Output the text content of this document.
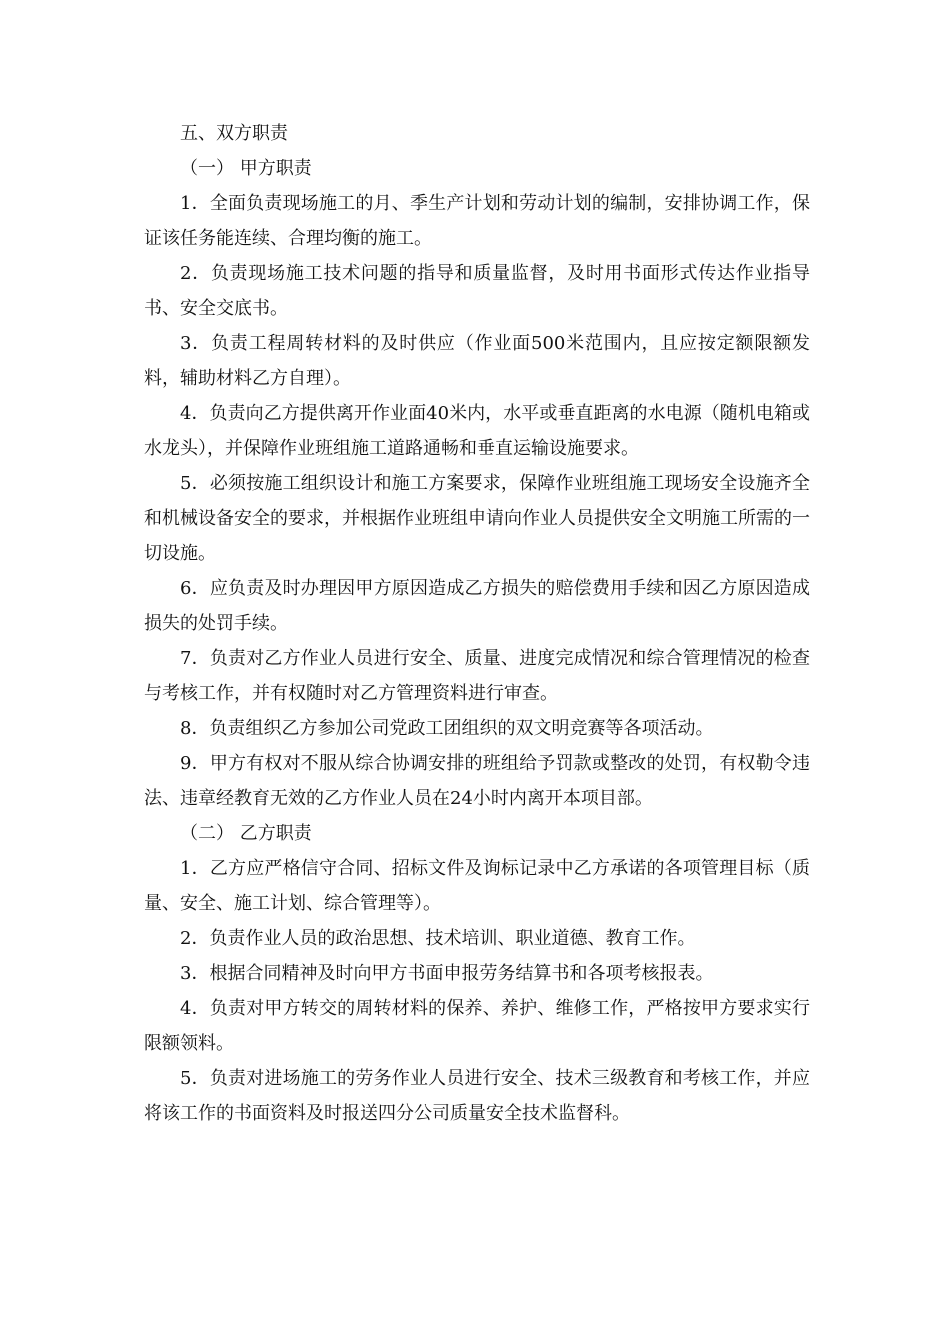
五、双方职责

（一） 甲方职责

1．全面负责现场施工的月、季生产计划和劳动计划的编制，安排协调工作，保证该任务能连续、合理均衡的施工。

2．负责现场施工技术问题的指导和质量监督，及时用书面形式传达作业指导书、安全交底书。

3．负责工程周转材料的及时供应（作业面500米范围内，且应按定额限额发料，辅助材料乙方自理）。

4．负责向乙方提供离开作业面40米内，水平或垂直距离的水电源（随机电箱或水龙头），并保障作业班组施工道路通畅和垂直运输设施要求。

5．必须按施工组织设计和施工方案要求，保障作业班组施工现场安全设施齐全和机械设备安全的要求，并根据作业班组申请向作业人员提供安全文明施工所需的一切设施。

6．应负责及时办理因甲方原因造成乙方损失的赔偿费用手续和因乙方原因造成损失的处罚手续。

7．负责对乙方作业人员进行安全、质量、进度完成情况和综合管理情况的检查与考核工作，并有权随时对乙方管理资料进行审查。

8．负责组织乙方参加公司党政工团组织的双文明竞赛等各项活动。

9．甲方有权对不服从综合协调安排的班组给予罚款或整改的处罚，有权勒令违法、违章经教育无效的乙方作业人员在24小时内离开本项目部。

（二） 乙方职责

1．乙方应严格信守合同、招标文件及询标记录中乙方承诺的各项管理目标（质量、安全、施工计划、综合管理等）。

2．负责作业人员的政治思想、技术培训、职业道德、教育工作。

3．根据合同精神及时向甲方书面申报劳务结算书和各项考核报表。

4．负责对甲方转交的周转材料的保养、养护、维修工作，严格按甲方要求实行限额领料。

5．负责对进场施工的劳务作业人员进行安全、技术三级教育和考核工作，并应将该工作的书面资料及时报送四分公司质量安全技术监督科。
